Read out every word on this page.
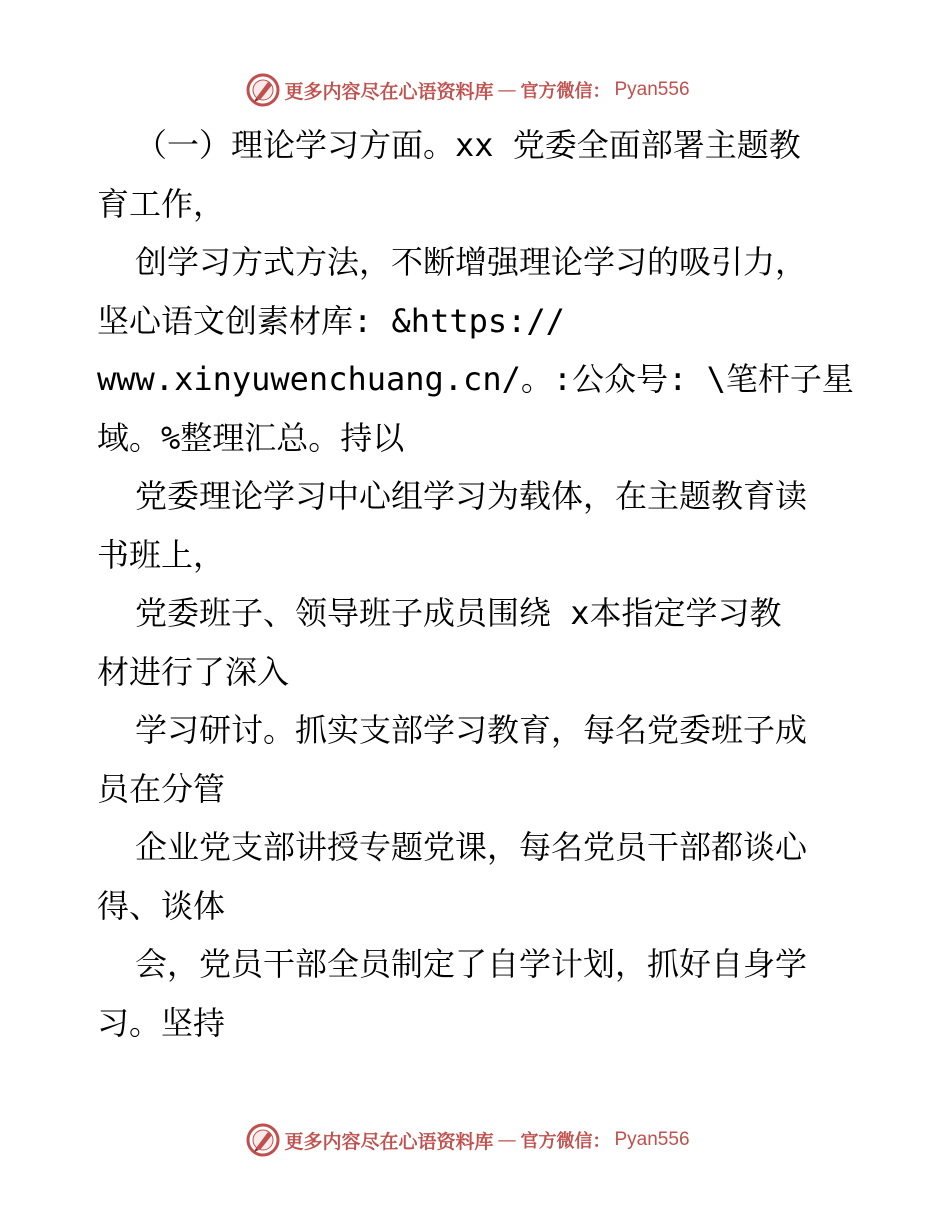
更多内容尽在心语资料库 — 官方微信： Pyan556
（一）理论学习方面。xx 党委全面部署主题教
育工作，
创学习方式方法，不断增强理论学习的吸引力，
坚心语文创素材库: &https://
www.xinyuwenchuang.cn/。:公众号: \笔杆子星
域。%整理汇总。持以
党委理论学习中心组学习为载体，在主题教育读
书班上，
党委班子、领导班子成员围绕 x本指定学习教
材进行了深入
学习研讨。抓实支部学习教育，每名党委班子成
员在分管
企业党支部讲授专题党课，每名党员干部都谈心
得、谈体
会，党员干部全员制定了自学计划，抓好自身学
习。坚持
更多内容尽在心语资料库 — 官方微信： Pyan556
